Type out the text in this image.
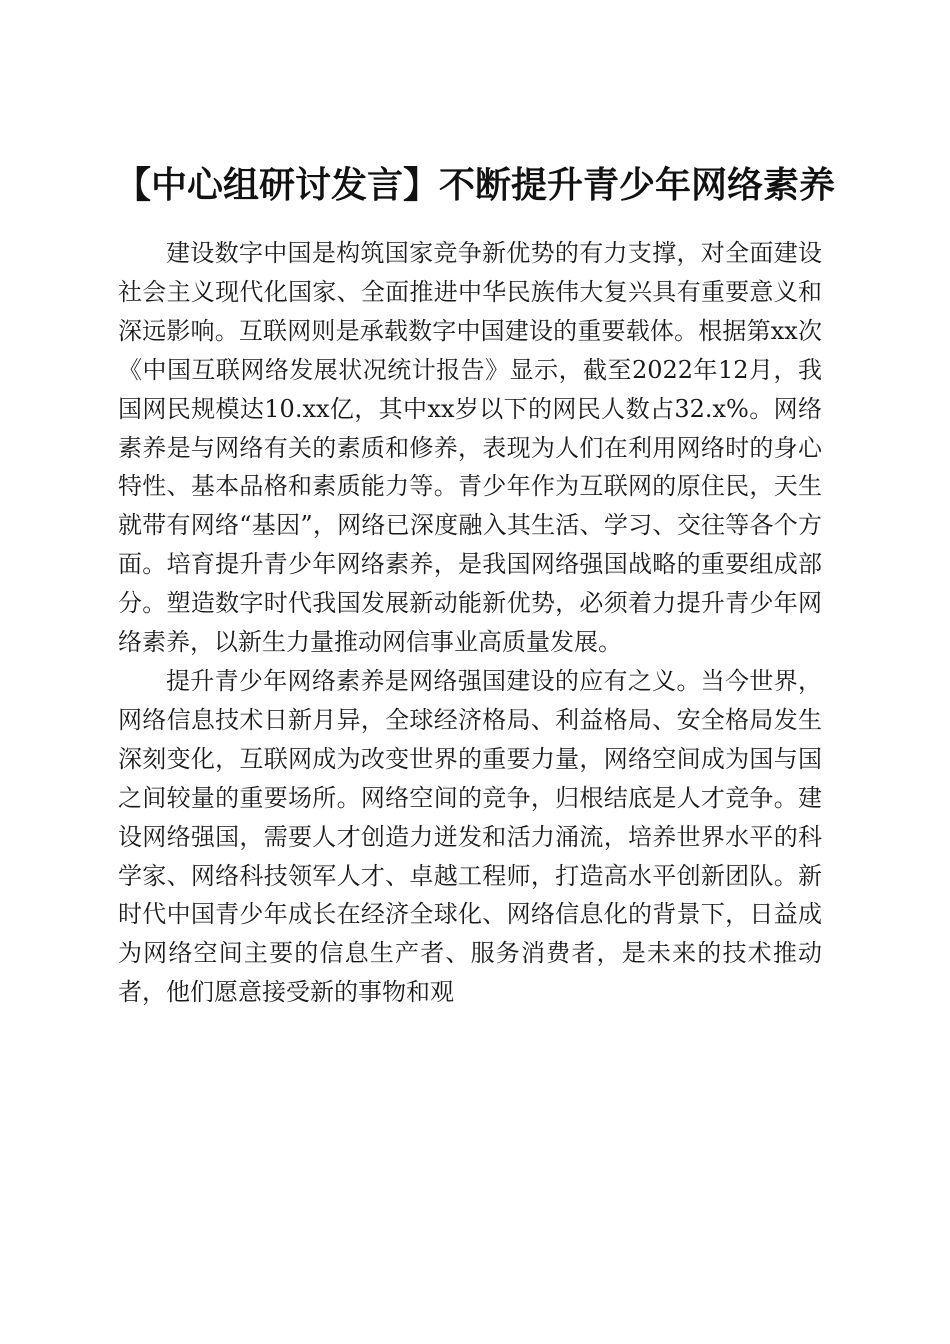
【中心组研讨发言】不断提升青少年网络素养

建设数字中国是构筑国家竞争新优势的有力支撑，对全面建设社会主义现代化国家、全面推进中华民族伟大复兴具有重要意义和深远影响。互联网则是承载数字中国建设的重要载体。根据第xx次《中国互联网络发展状况统计报告》显示，截至2022年12月，我国网民规模达10.xx亿，其中xx岁以下的网民人数占32.x%。网络素养是与网络有关的素质和修养，表现为人们在利用网络时的身心特性、基本品格和素质能力等。青少年作为互联网的原住民，天生就带有网络“基因”，网络已深度融入其生活、学习、交往等各个方面。培育提升青少年网络素养，是我国网络强国战略的重要组成部分。塑造数字时代我国发展新动能新优势，必须着力提升青少年网络素养，以新生力量推动网信事业高质量发展。

提升青少年网络素养是网络强国建设的应有之义。当今世界，网络信息技术日新月异，全球经济格局、利益格局、安全格局发生深刻变化，互联网成为改变世界的重要力量，网络空间成为国与国之间较量的重要场所。网络空间的竞争，归根结底是人才竞争。建设网络强国，需要人才创造力迸发和活力涌流，培养世界水平的科学家、网络科技领军人才、卓越工程师，打造高水平创新团队。新时代中国青少年成长在经济全球化、网络信息化的背景下，日益成为网络空间主要的信息生产者、服务消费者，是未来的技术推动者，他们愿意接受新的事物和观
